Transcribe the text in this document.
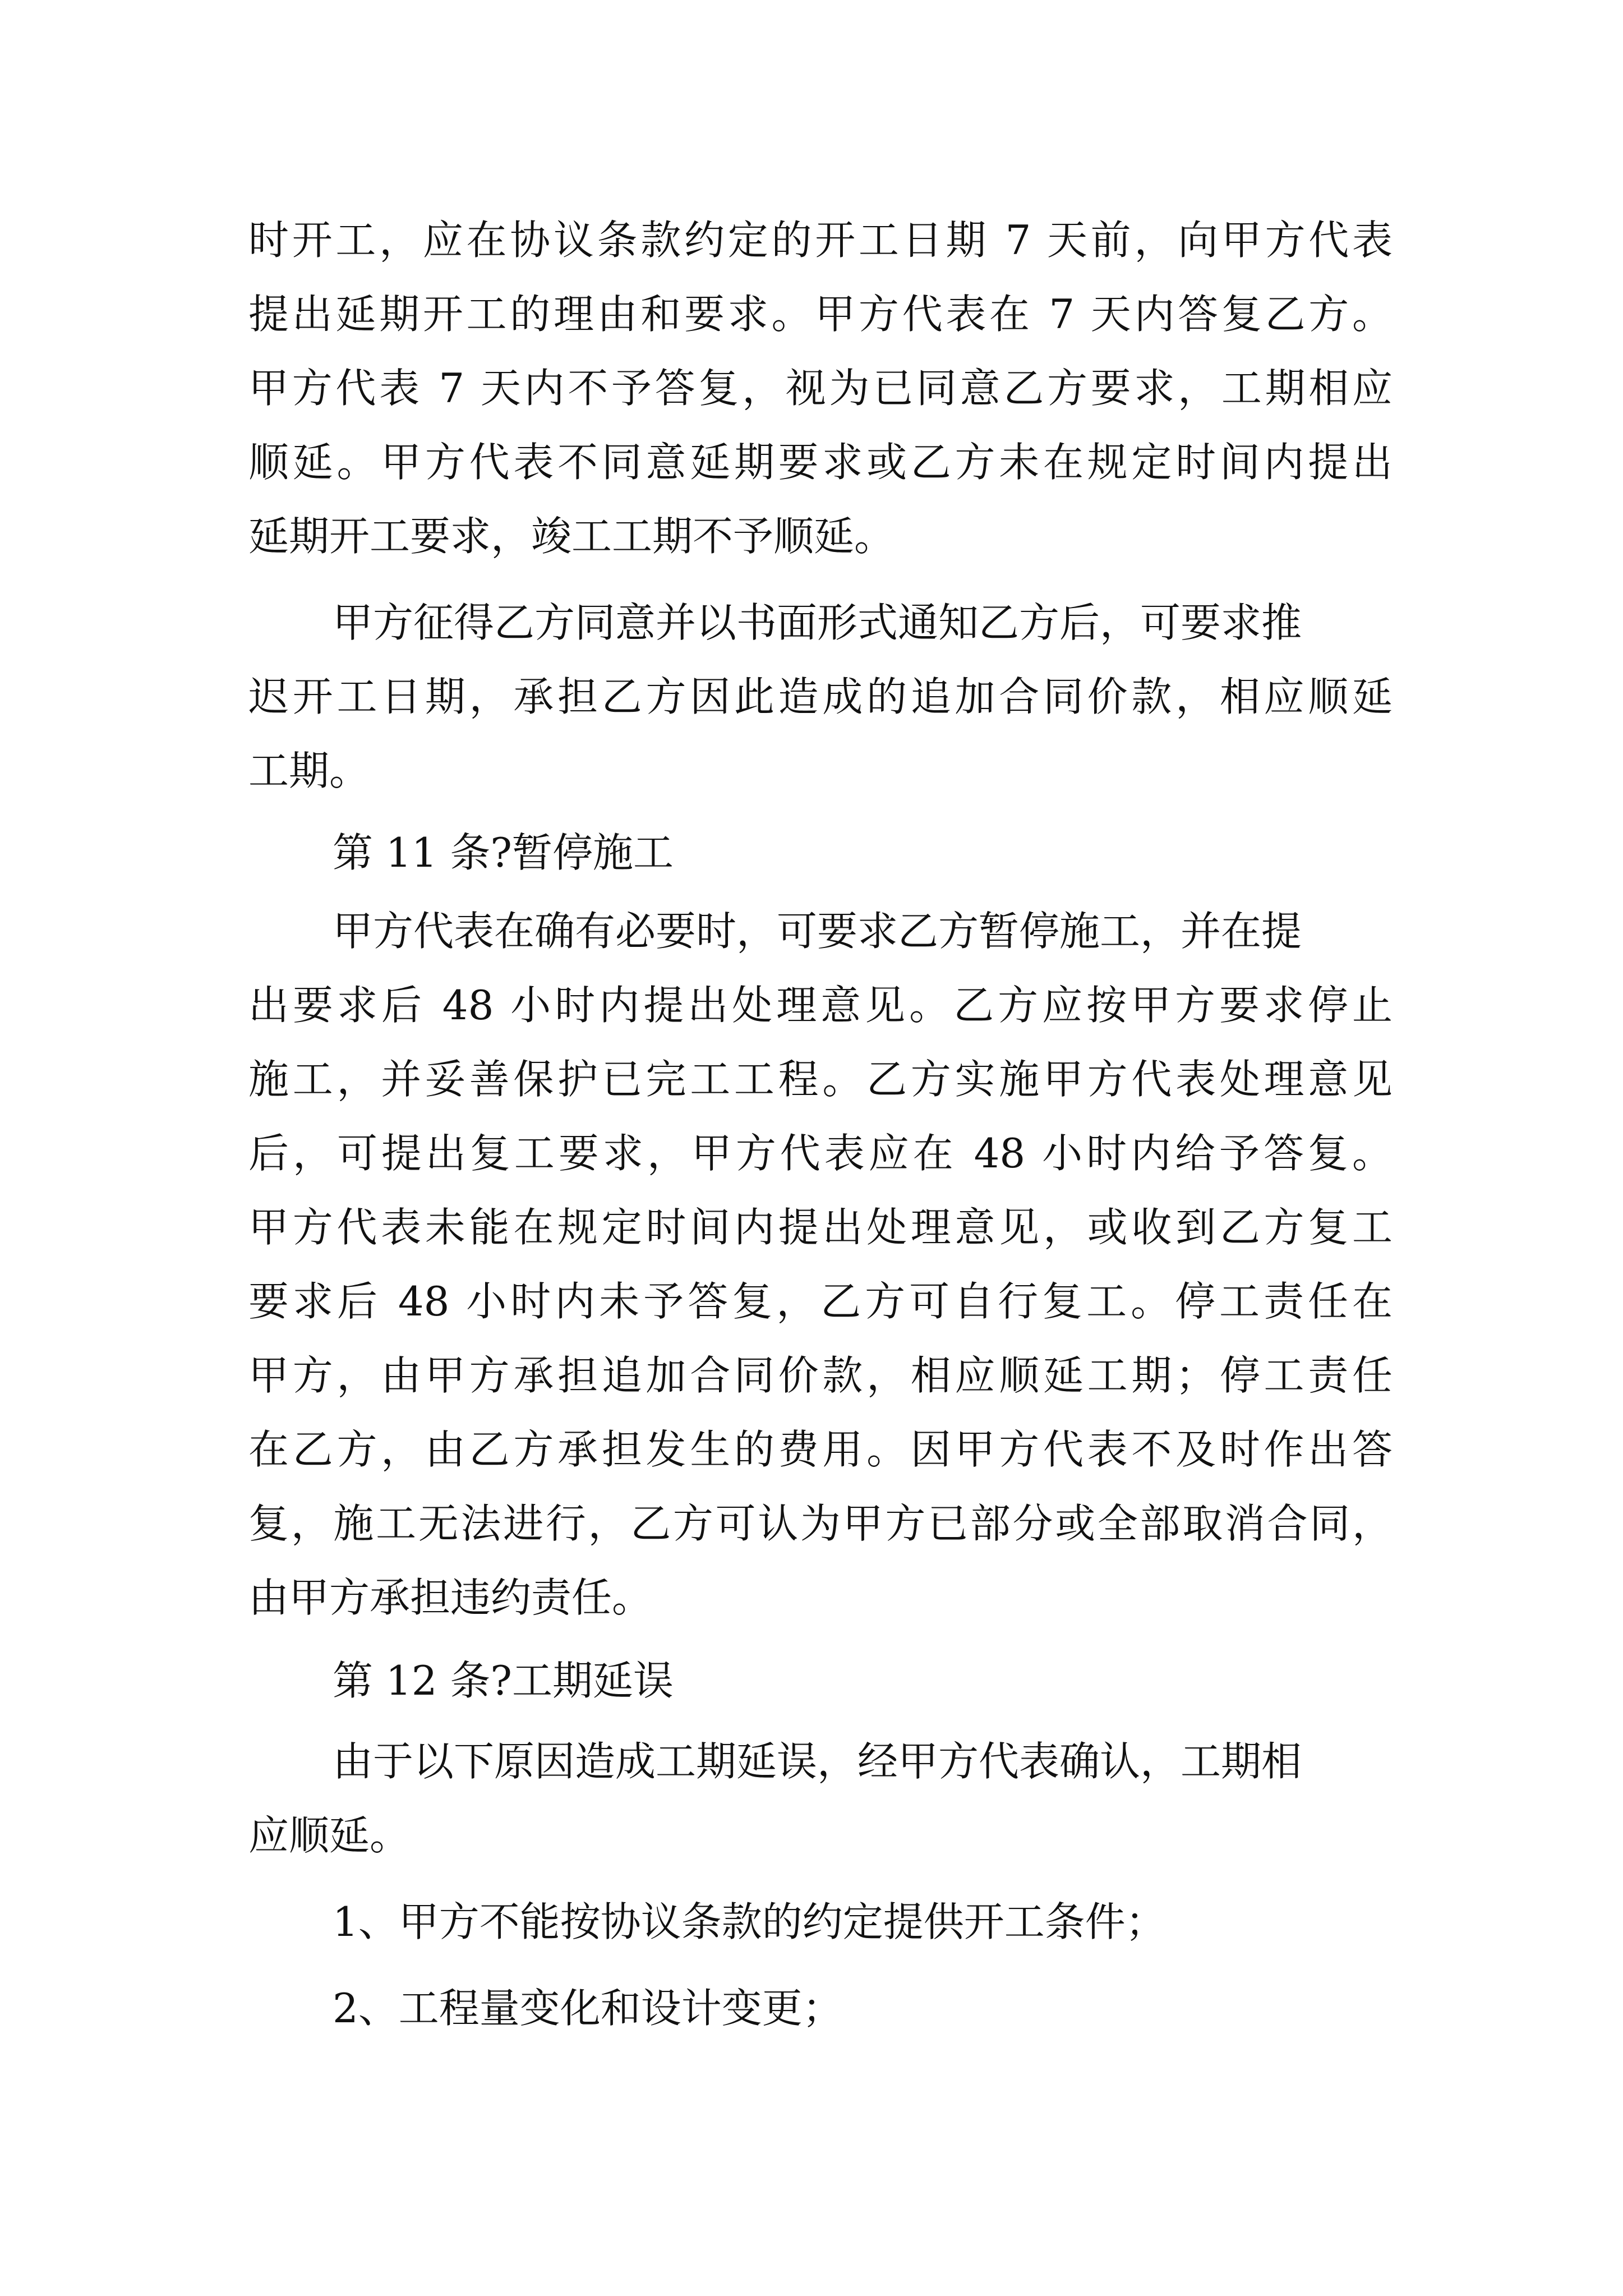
时开工，应在协议条款约定的开工日期 7 天前，向甲方代表
提出延期开工的理由和要求。甲方代表在 7 天内答复乙方。
甲方代表 7 天内不予答复，视为已同意乙方要求，工期相应
顺延。甲方代表不同意延期要求或乙方未在规定时间内提出
延期开工要求，竣工工期不予顺延。
甲方征得乙方同意并以书面形式通知乙方后，可要求推
迟开工日期，承担乙方因此造成的追加合同价款，相应顺延
工期。
第 11 条?暂停施工
甲方代表在确有必要时，可要求乙方暂停施工，并在提
出要求后 48 小时内提出处理意见。乙方应按甲方要求停止
施工，并妥善保护已完工工程。乙方实施甲方代表处理意见
后，可提出复工要求，甲方代表应在 48 小时内给予答复。
甲方代表未能在规定时间内提出处理意见，或收到乙方复工
要求后 48 小时内未予答复，乙方可自行复工。停工责任在
甲方，由甲方承担追加合同价款，相应顺延工期；停工责任
在乙方，由乙方承担发生的费用。因甲方代表不及时作出答
复，施工无法进行，乙方可认为甲方已部分或全部取消合同，
由甲方承担违约责任。
第 12 条?工期延误
由于以下原因造成工期延误，经甲方代表确认，工期相
应顺延。
1、甲方不能按协议条款的约定提供开工条件；
2、工程量变化和设计变更；
